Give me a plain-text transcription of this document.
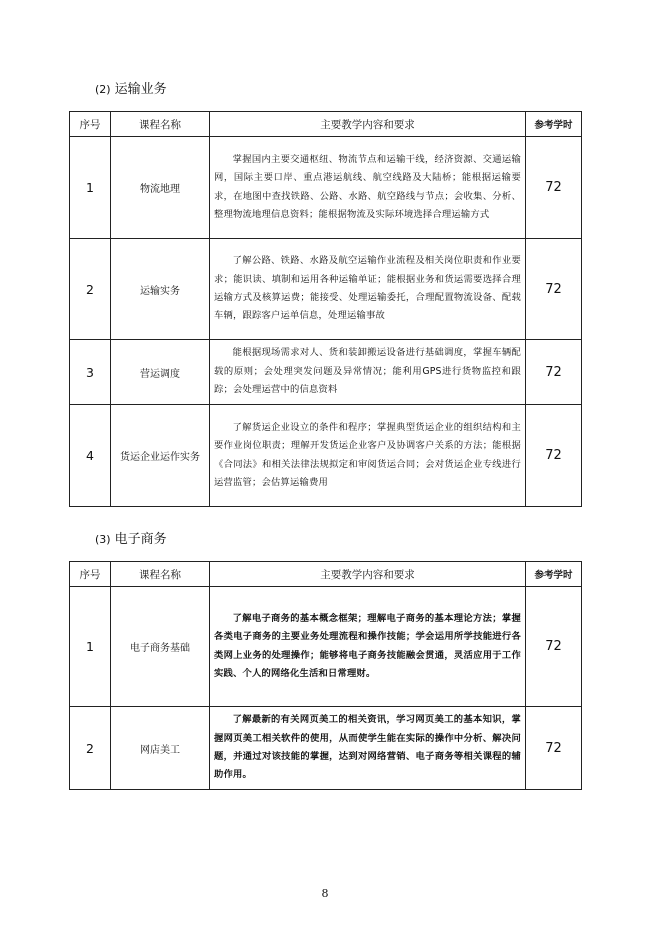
(2) 运输业务
序号	课程名称	主要教学内容和要求	参考学时
1	物流地理	掌握国内主要交通枢纽、物流节点和运输干线，经济资源、交通运输网，国际主要口岸、重点港运航线、航空线路及大陆桥；能根据运输要求，在地图中查找铁路、公路、水路、航空路线与节点；会收集、分析、整理物流地理信息资料；能根据物流及实际环境选择合理运输方式	72
2	运输实务	了解公路、铁路、水路及航空运输作业流程及相关岗位职责和作业要求；能识读、填制和运用各种运输单证；能根据业务和货运需要选择合理运输方式及核算运费；能接受、处理运输委托，合理配置物流设备、配载车辆，跟踪客户运单信息，处理运输事故	72
3	营运调度	能根据现场需求对人、货和装卸搬运设备进行基础调度，掌握车辆配载的原则；会处理突发问题及异常情况；能利用GPS进行货物监控和跟踪；会处理运营中的信息资料	72
4	货运企业运作实务	了解货运企业设立的条件和程序；掌握典型货运企业的组织结构和主要作业岗位职责；理解开发货运企业客户及协调客户关系的方法；能根据《合同法》和相关法律法规拟定和审阅货运合同；会对货运企业专线进行运营监管；会估算运输费用	72
(3) 电子商务
序号	课程名称	主要教学内容和要求	参考学时
1	电子商务基础	了解电子商务的基本概念框架；理解电子商务的基本理论方法；掌握各类电子商务的主要业务处理流程和操作技能；学会运用所学技能进行各类网上业务的处理操作；能够将电子商务技能融会贯通，灵活应用于工作实践、个人的网络化生活和日常理财。	72
2	网店美工	了解最新的有关网页美工的相关资讯，学习网页美工的基本知识，掌握网页美工相关软件的使用，从而使学生能在实际的操作中分析、解决问题，并通过对该技能的掌握，达到对网络营销、电子商务等相关课程的辅助作用。	72
8
